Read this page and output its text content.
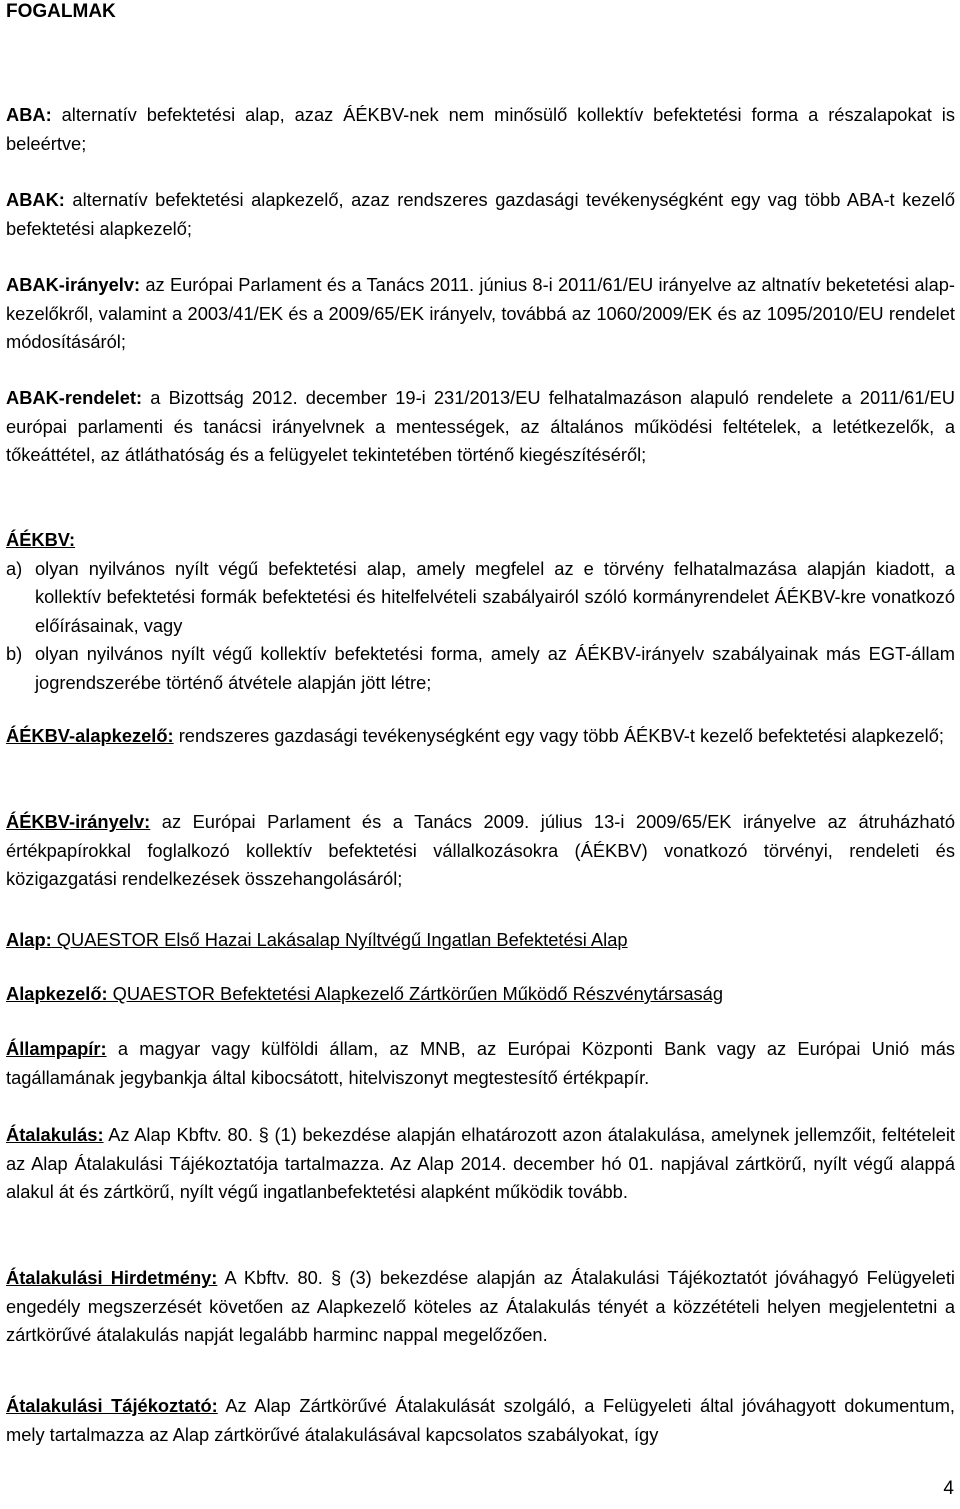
FOGALMAK
ABA: alternatív befektetési alap, azaz ÁÉKBV-nek nem minősülő kollektív befektetési forma a részalapokat is beleértve;
ABAK: alternatív befektetési alapkezelő, azaz rendszeres gazdasági tevékenységként egy vag több ABA-t kezelő befektetési alapkezelő;
ABAK-irányelv: az Európai Parlament és a Tanács 2011. június 8-i 2011/61/EU irányelve az altnatív beketetési alap-kezelőkről, valamint a 2003/41/EK és a 2009/65/EK irányelv, továbbá az 1060/2009/EK és az 1095/2010/EU rendelet módosításáról;
ABAK-rendelet: a Bizottság 2012. december 19-i 231/2013/EU felhatalmazáson alapuló rendelete a 2011/61/EU európai parlamenti és tanácsi irányelvnek a mentességek, az általános működési feltételek, a letétkezelők, a tőkeáttétel, az átláthatóság és a felügyelet tekintetében történő kiegészítéséről;
ÁÉKBV:
a) olyan nyilvános nyílt végű befektetési alap, amely megfelel az e törvény felhatalmazása alapján kiadott, a kollektív befektetési formák befektetési és hitelfelvételi szabályairól szóló kormányrendelet ÁÉKBV-kre vonatkozó előírásainak, vagy
b) olyan nyilvános nyílt végű kollektív befektetési forma, amely az ÁÉKBV-irányelv szabályainak más EGT-állam jogrendszerébe történő átvétele alapján jött létre;
ÁÉKBV-alapkezelő: rendszeres gazdasági tevékenységként egy vagy több ÁÉKBV-t kezelő befektetési alapkezelő;
ÁÉKBV-irányelv: az Európai Parlament és a Tanács 2009. július 13-i 2009/65/EK irányelve az átruházható értékpapírokkal foglalkozó kollektív befektetési vállalkozásokra (ÁÉKBV) vonatkozó törvényi, rendeleti és közigazgatási rendelkezések összehangolásáról;
Alap: QUAESTOR Első Hazai Lakásalap Nyíltvégű Ingatlan Befektetési Alap
Alapkezelő: QUAESTOR Befektetési Alapkezelő Zártkörűen Működő Részvénytársaság
Állampapír: a magyar vagy külföldi állam, az MNB, az Európai Központi Bank vagy az Európai Unió más tagállamának jegybankja által kibocsátott, hitelviszonyt megtestesítő értékpapír.
Átalakulás: Az Alap Kbftv. 80. § (1) bekezdése alapján elhatározott azon átalakulása, amelynek jellemzőit, feltételeit az Alap Átalakulási Tájékoztatója tartalmazza. Az Alap 2014. december hó 01. napjával zártkörű, nyílt végű alappá alakul át és zártkörű, nyílt végű ingatlanbefektetési alapként működik tovább.
Átalakulási Hirdetmény: A Kbftv. 80. § (3) bekezdése alapján az Átalakulási Tájékoztatót jóváhagyó Felügyeleti engedély megszerzését követően az Alapkezelő köteles az Átalakulás tényét a közzétételi helyen megjelentetni a zártkörűvé átalakulás napját legalább harminc nappal megelőzően.
Átalakulási Tájékoztató: Az Alap Zártkörűvé Átalakulását szolgáló, a Felügyeleti által jóváhagyott dokumentum, mely tartalmazza az Alap zártkörűvé átalakulásával kapcsolatos szabályokat, így
4
